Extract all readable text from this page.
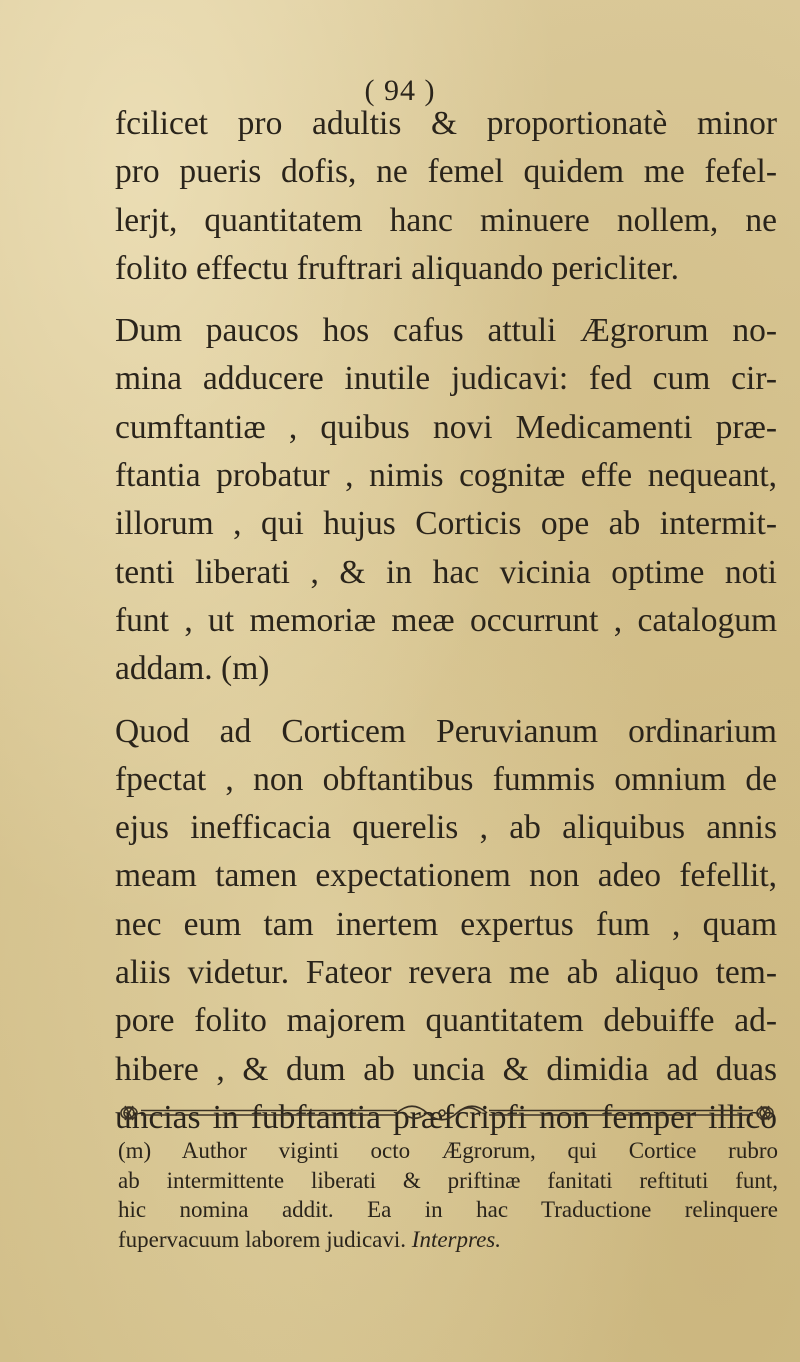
( 94 )
fcilicet pro adultis & proportionatè minor
pro pueris dofis, ne femel quidem me fefel-
lerjt, quantitatem hanc minuere nollem, ne
folito effectu fruftrari aliquando pericliter.
Dum paucos hos cafus attuli Ægrorum no-
mina adducere inutile judicavi: fed cum cir-
cumftantiæ , quibus novi Medicamenti præ-
ftantia probatur , nimis cognitæ effe nequeant,
illorum , qui hujus Corticis ope ab intermit-
tenti liberati , & in hac vicinia optime noti
funt , ut memoriæ meæ occurrunt , catalogum
addam. (m)
Quod ad Corticem Peruvianum ordinarium
fpectat , non obftantibus fummis omnium de
ejus inefficacia querelis , ab aliquibus annis
meam tamen expectationem non adeo fefellit,
nec eum tam inertem expertus fum , quam
aliis videtur. Fateor revera me ab aliquo tem-
pore folito majorem quantitatem debuiffe ad-
hibere , & dum ab uncia & dimidia ad duas
uncias in fubftantia præfcripfi non femper illico
(m) Author viginti octo Ægrorum, qui Cortice rubro
ab intermittente liberati & priftinæ fanitati reftituti funt,
hic nomina addit. Ea in hac Traductione relinquere
fupervacuum laborem judicavi. Interpres.
